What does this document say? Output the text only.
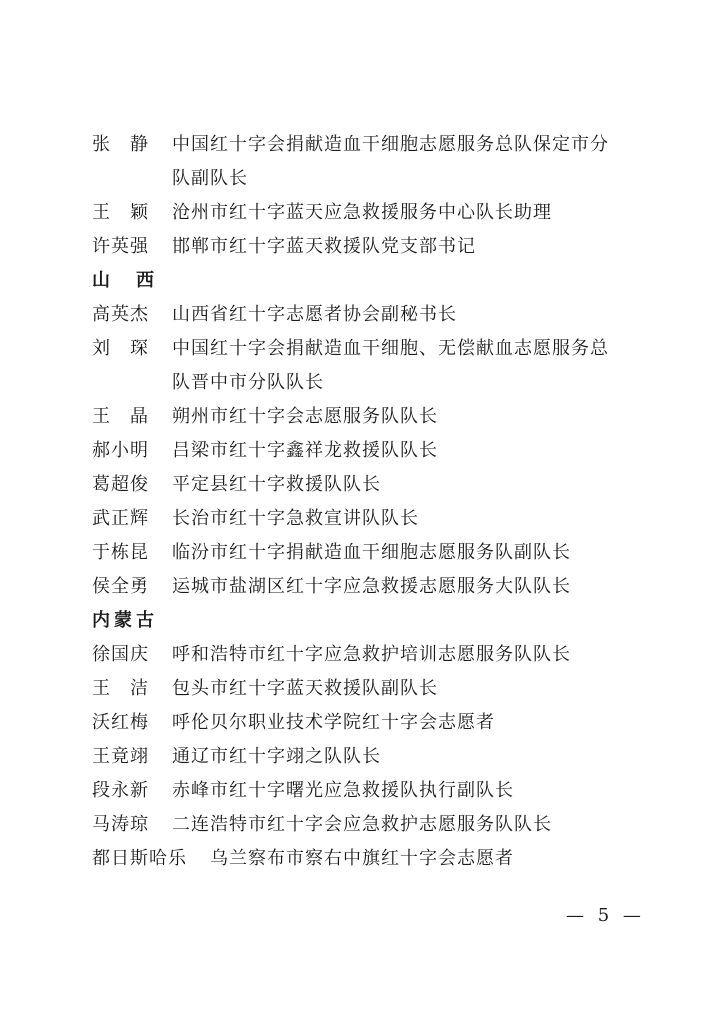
张　静	中国红十字会捐献造血干细胞志愿服务总队保定市分队副队长
王　颖	沧州市红十字蓝天应急救援服务中心队长助理
许英强	邯郸市红十字蓝天救援队党支部书记
山　西
高英杰	山西省红十字志愿者协会副秘书长
刘　琛	中国红十字会捐献造血干细胞、无偿献血志愿服务总队晋中市分队队长
王　晶	朔州市红十字会志愿服务队队长
郝小明	吕梁市红十字鑫祥龙救援队队长
葛超俊	平定县红十字救援队队长
武正辉	长治市红十字急救宣讲队队长
于栋昆	临汾市红十字捐献造血干细胞志愿服务队副队长
侯全勇	运城市盐湖区红十字应急救援志愿服务大队队长
内蒙古
徐国庆	呼和浩特市红十字应急救护培训志愿服务队队长
王　洁	包头市红十字蓝天救援队副队长
沃红梅	呼伦贝尔职业技术学院红十字会志愿者
王竟翊	通辽市红十字翊之队队长
段永新	赤峰市红十字曙光应急救援队执行副队长
马涛琼	二连浩特市红十字会应急救护志愿服务队队长
都日斯哈乐	乌兰察布市察右中旗红十字会志愿者
— 5 —
